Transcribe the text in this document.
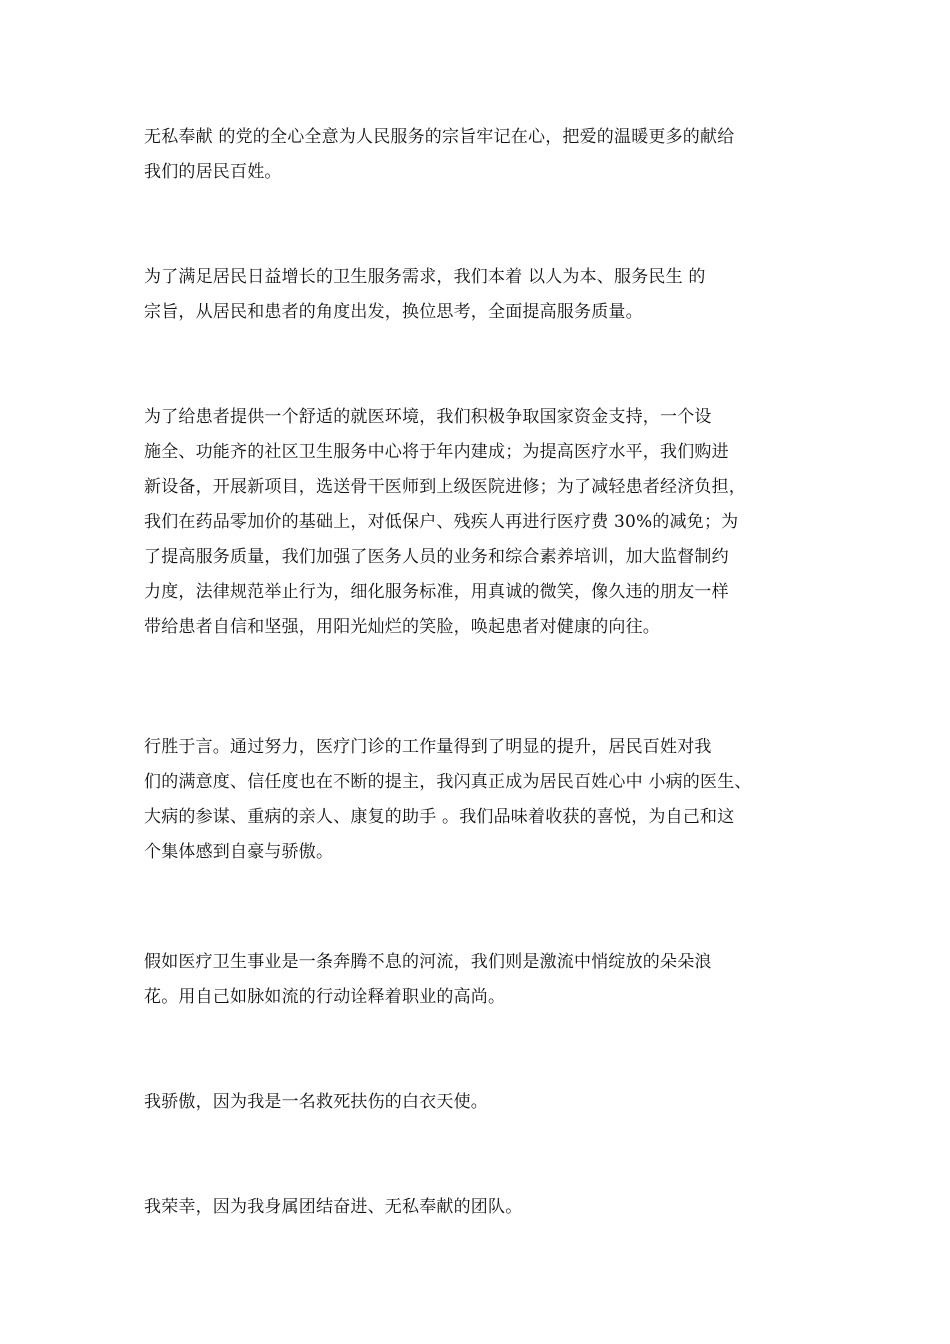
无私奉献 的党的全心全意为人民服务的宗旨牢记在心，把爱的温暖更多的献给
我们的居民百姓。

为了满足居民日益增长的卫生服务需求，我们本着 以人为本、服务民生 的
宗旨，从居民和患者的角度出发，换位思考，全面提高服务质量。

为了给患者提供一个舒适的就医环境，我们积极争取国家资金支持，一个设
施全、功能齐的社区卫生服务中心将于年内建成；为提高医疗水平，我们购进
新设备，开展新项目，选送骨干医师到上级医院进修；为了减轻患者经济负担，
我们在药品零加价的基础上，对低保户、残疾人再进行医疗费 30%的减免；为
了提高服务质量，我们加强了医务人员的业务和综合素养培训，加大监督制约
力度，法律规范举止行为，细化服务标准，用真诚的微笑，像久违的朋友一样
带给患者自信和坚强，用阳光灿烂的笑脸，唤起患者对健康的向往。

行胜于言。通过努力，医疗门诊的工作量得到了明显的提升，居民百姓对我
们的满意度、信任度也在不断的提主，我闪真正成为居民百姓心中 小病的医生、
大病的参谋、重病的亲人、康复的助手 。我们品味着收获的喜悦，为自己和这
个集体感到自豪与骄傲。

假如医疗卫生事业是一条奔腾不息的河流，我们则是激流中悄绽放的朵朵浪
花。用自己如脉如流的行动诠释着职业的高尚。

我骄傲，因为我是一名救死扶伤的白衣天使。

我荣幸，因为我身属团结奋进、无私奉献的团队。
